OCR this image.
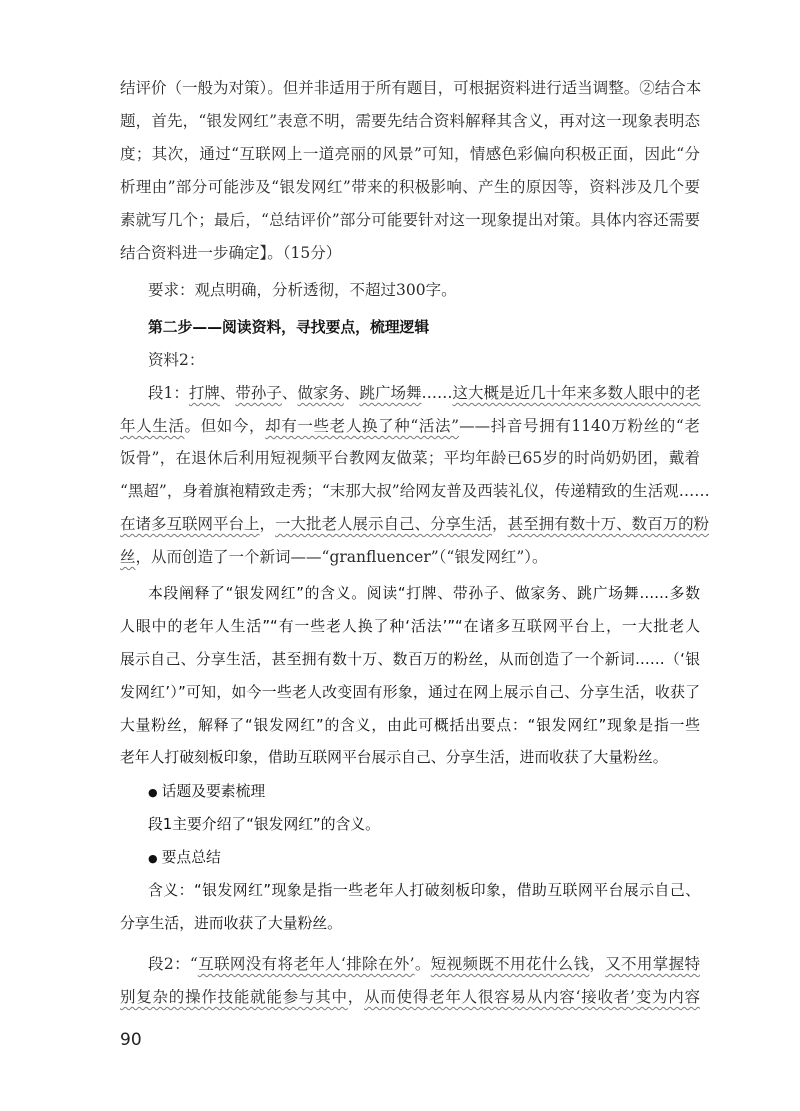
结评价（一般为对策）。但并非适用于所有题目，可根据资料进行适当调整。②结合本
题，首先，“银发网红”表意不明，需要先结合资料解释其含义，再对这一现象表明态
度；其次，通过“互联网上一道亮丽的风景”可知，情感色彩偏向积极正面，因此“分
析理由”部分可能涉及“银发网红”带来的积极影响、产生的原因等，资料涉及几个要
素就写几个；最后，“总结评价”部分可能要针对这一现象提出对策。具体内容还需要
结合资料进一步确定】。（15分）
要求：观点明确，分析透彻，不超过300字。
第二步——阅读资料，寻找要点，梳理逻辑
资料2：
段1：打牌、带孙子、做家务、跳广场舞……这大概是近几十年来多数人眼中的老
年人生活。但如今，却有一些老人换了种“活法”——抖音号拥有1140万粉丝的“老
饭骨”，在退休后利用短视频平台教网友做菜；平均年龄已65岁的时尚奶奶团，戴着
“黑超”，身着旗袍精致走秀；“末那大叔”给网友普及西装礼仪，传递精致的生活观……
在诸多互联网平台上，一大批老人展示自己、分享生活，甚至拥有数十万、数百万的粉
丝，从而创造了一个新词——“granfluencer”（“银发网红”）。
本段阐释了“银发网红”的含义。阅读“打牌、带孙子、做家务、跳广场舞……多数
人眼中的老年人生活”“有一些老人换了种‘活法’”“在诸多互联网平台上，一大批老人
展示自己、分享生活，甚至拥有数十万、数百万的粉丝，从而创造了一个新词……（‘银
发网红’）”可知，如今一些老人改变固有形象，通过在网上展示自己、分享生活，收获了
大量粉丝，解释了“银发网红”的含义，由此可概括出要点：“银发网红”现象是指一些
老年人打破刻板印象，借助互联网平台展示自己、分享生活，进而收获了大量粉丝。
● 话题及要素梳理
段1主要介绍了“银发网红”的含义。
● 要点总结
含义：“银发网红”现象是指一些老年人打破刻板印象，借助互联网平台展示自己、
分享生活，进而收获了大量粉丝。
段2：“互联网没有将老年人‘排除在外’。短视频既不用花什么钱，又不用掌握特
别复杂的操作技能就能参与其中，从而使得老年人很容易从内容‘接收者’变为内容
90
